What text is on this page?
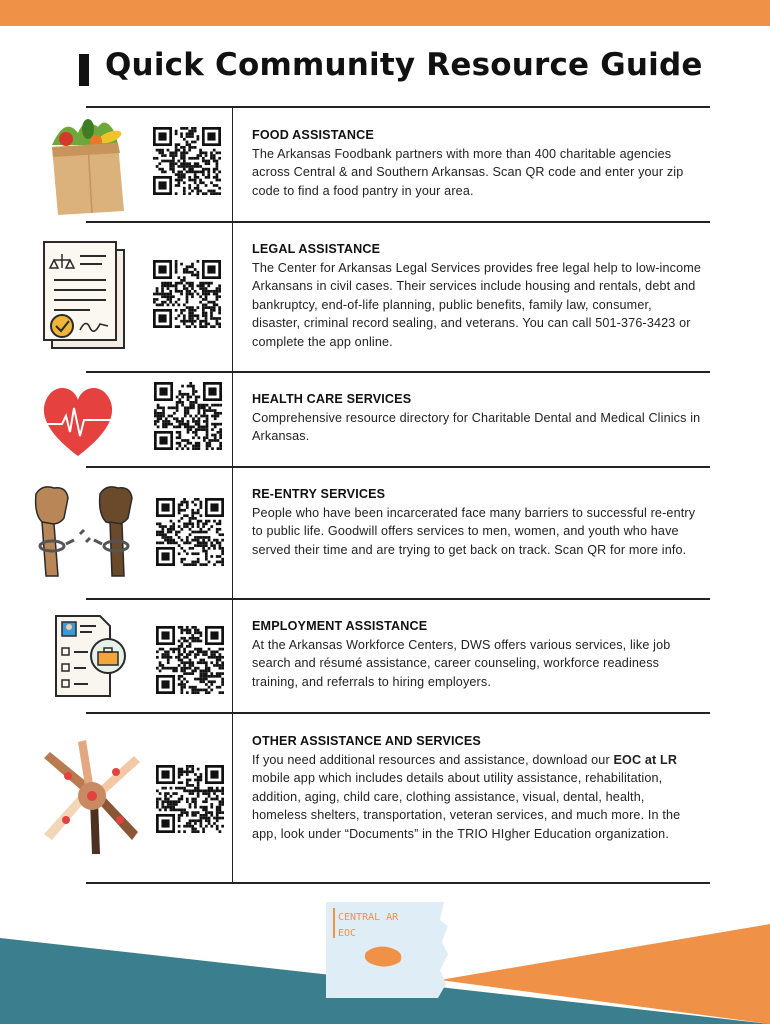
Quick Community Resource Guide

FOOD ASSISTANCE

The Arkansas Foodbank partners with more than 400 charitable agencies across Central & and Southern Arkansas. Scan QR code and enter your zip code to find a food pantry in your area.

LEGAL ASSISTANCE

The Center for Arkansas Legal Services provides free legal help to low-income Arkansans in civil cases. Their services include housing and rentals, debt and bankruptcy, end-of-life planning, public benefits, family law, consumer, disaster, criminal record sealing, and veterans. You can call 501-376-3423 or complete the app online.

HEALTH CARE SERVICES

Comprehensive resource directory for Charitable Dental and Medical Clinics in Arkansas.

RE-ENTRY SERVICES

People who have been incarcerated face many barriers to successful re-entry to public life. Goodwill offers services to men, women, and youth who have served their time and are trying to get back on track. Scan QR for more info.

EMPLOYMENT ASSISTANCE

At the Arkansas Workforce Centers, DWS offers various services, like job search and résumé assistance, career counseling, workforce readiness training, and referrals to hiring employers.

OTHER ASSISTANCE AND SERVICES

If you need additional resources and assistance, download our EOC at LR mobile app which includes details about utility assistance, rehabilitation, addition, aging, child care, clothing assistance, visual, dental, health, homeless shelters, transportation, veteran services, and much more. In the app, look under “Documents” in the TRIO HIgher Education organization.

CENTRAL AR
EOC
